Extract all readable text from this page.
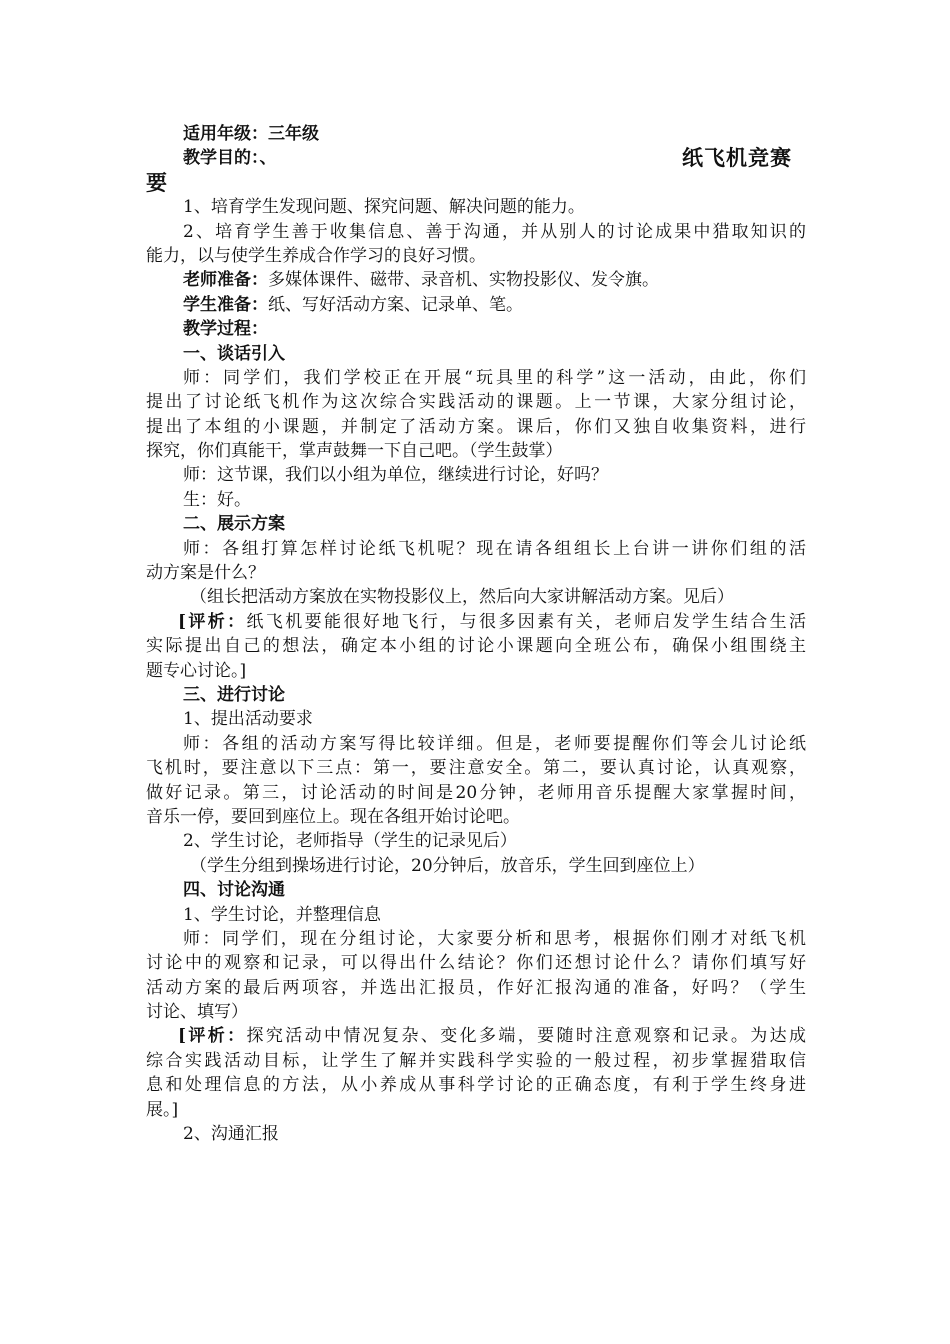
适用年级：三年级
教学目的：、	纸飞机竞赛
要
1、培育学生发现问题、探究问题、解决问题的能力。
2、培育学生善于收集信息、善于沟通，并从别人的讨论成果中猎取知识的
能力，以与使学生养成合作学习的良好习惯。
老师准备：多媒体课件、磁带、录音机、实物投影仪、发令旗。
学生准备：纸、写好活动方案、记录单、笔。
教学过程：
一、谈话引入
师：同学们，我们学校正在开展“玩具里的科学”这一活动，由此，你们
提出了讨论纸飞机作为这次综合实践活动的课题。上一节课，大家分组讨论，
提出了本组的小课题，并制定了活动方案。课后，你们又独自收集资料，进行
探究，你们真能干，掌声鼓舞一下自己吧。（学生鼓掌）
师：这节课，我们以小组为单位，继续进行讨论，好吗？
生：好。
二、展示方案
师：各组打算怎样讨论纸飞机呢？现在请各组组长上台讲一讲你们组的活
动方案是什么？
（组长把活动方案放在实物投影仪上，然后向大家讲解活动方案。见后）
[评析：纸飞机要能很好地飞行，与很多因素有关，老师启发学生结合生活
实际提出自己的想法，确定本小组的讨论小课题向全班公布，确保小组围绕主
题专心讨论。]
三、进行讨论
1、提出活动要求
师：各组的活动方案写得比较详细。但是，老师要提醒你们等会儿讨论纸
飞机时，要注意以下三点：第一，要注意安全。第二，要认真讨论，认真观察，
做好记录。第三，讨论活动的时间是20分钟，老师用音乐提醒大家掌握时间，
音乐一停，要回到座位上。现在各组开始讨论吧。
2、学生讨论，老师指导（学生的记录见后）
（学生分组到操场进行讨论，20分钟后，放音乐，学生回到座位上）
四、讨论沟通
1、学生讨论，并整理信息
师：同学们，现在分组讨论，大家要分析和思考，根据你们刚才对纸飞机
讨论中的观察和记录，可以得出什么结论？你们还想讨论什么？请你们填写好
活动方案的最后两项容，并选出汇报员，作好汇报沟通的准备，好吗？（学生
讨论、填写）
[评析：探究活动中情况复杂、变化多端，要随时注意观察和记录。为达成
综合实践活动目标，让学生了解并实践科学实验的一般过程，初步掌握猎取信
息和处理信息的方法，从小养成从事科学讨论的正确态度，有利于学生终身进
展。]
2、沟通汇报
